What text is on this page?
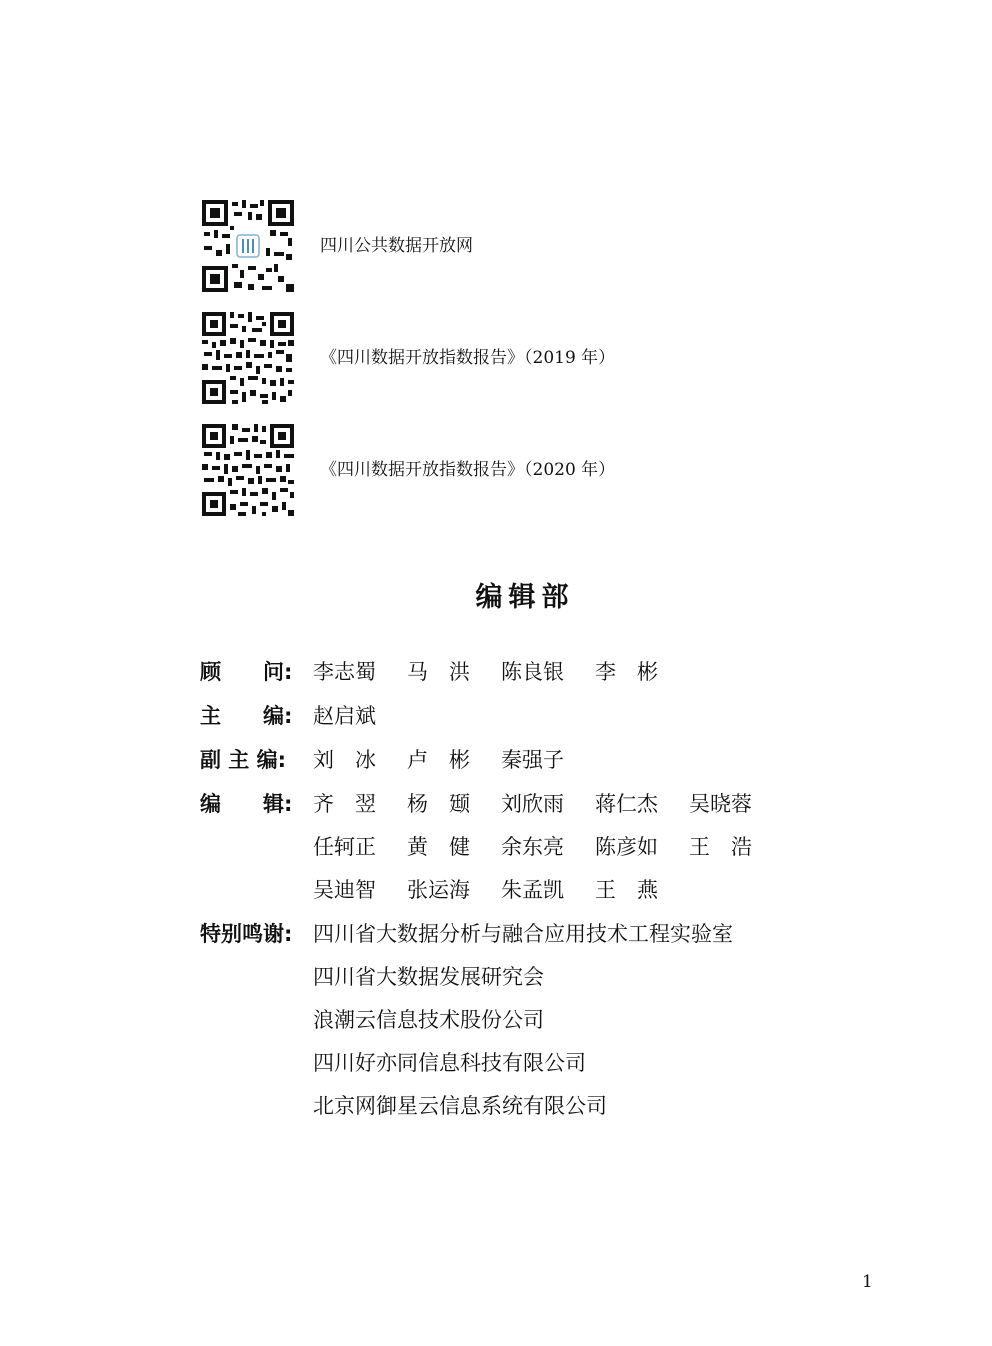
四川公共数据开放网
《四川数据开放指数报告》（2019 年）
《四川数据开放指数报告》（2020 年）
编辑部
顾　　问: 李志蜀	马　洪	陈良银	李　彬
主　　编: 赵启斌
副 主 编:	刘　冰	卢　彬	秦强子
编　　辑: 齐　翌	杨　颋	刘欣雨	蒋仁杰	吴晓蓉
任轲正	黄　健	余东亮	陈彦如	王　浩
吴迪智	张运海	朱孟凯	王　燕
特别鸣谢: 四川省大数据分析与融合应用技术工程实验室
四川省大数据发展研究会
浪潮云信息技术股份公司
四川好亦同信息科技有限公司
北京网御星云信息系统有限公司
1
